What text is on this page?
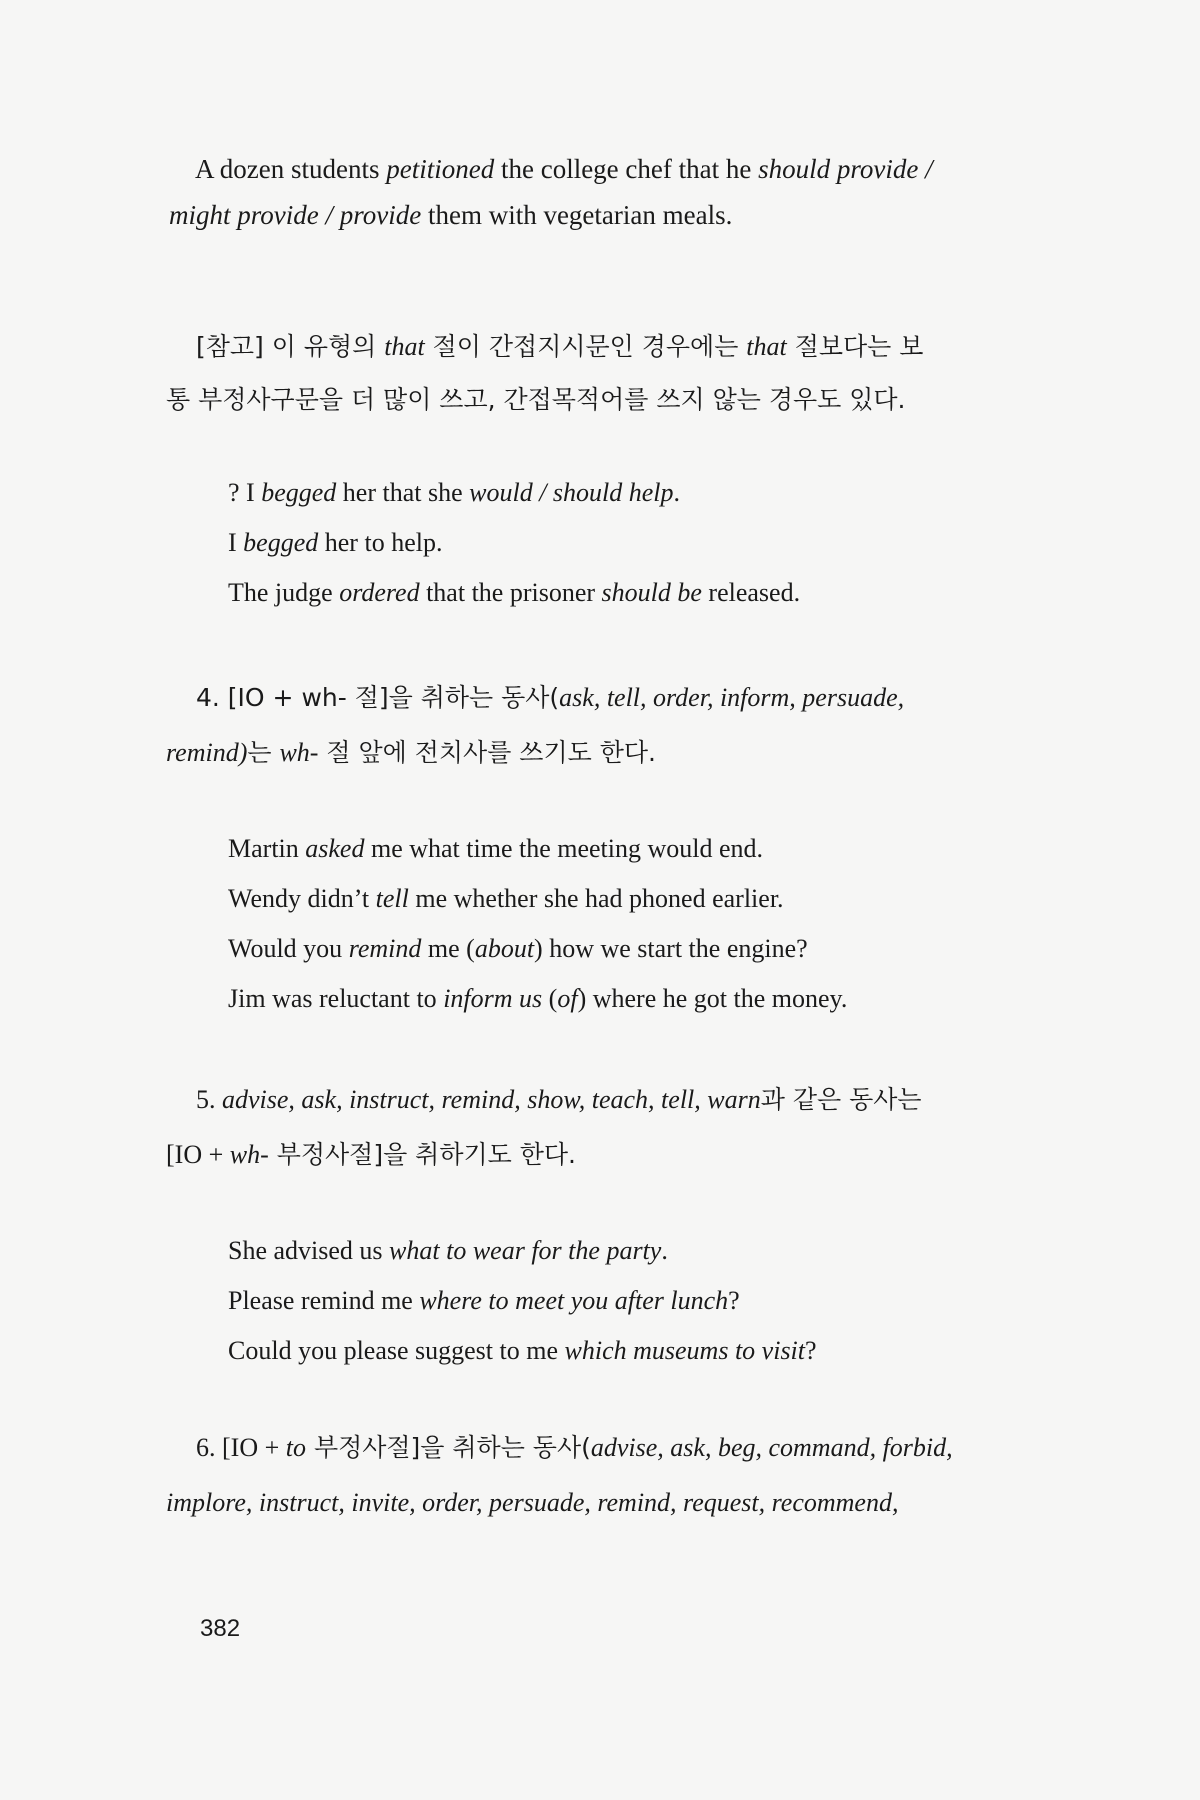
A dozen students petitioned the college chef that he should provide /
might provide / provide them with vegetarian meals.
[참고] 이 유형의 that 절이 간접지시문인 경우에는 that 절보다는 보
통 부정사구문을 더 많이 쓰고, 간접목적어를 쓰지 않는 경우도 있다.
? I begged her that she would / should help.
I begged her to help.
The judge ordered that the prisoner should be released.
4. [IO + wh- 절]을 취하는 동사(ask, tell, order, inform, persuade,
remind)는 wh- 절 앞에 전치사를 쓰기도 한다.
Martin asked me what time the meeting would end.
Wendy didn’t tell me whether she had phoned earlier.
Would you remind me (about) how we start the engine?
Jim was reluctant to inform us (of) where he got the money.
5. advise, ask, instruct, remind, show, teach, tell, warn과 같은 동사는
[IO + wh- 부정사절]을 취하기도 한다.
She advised us what to wear for the party.
Please remind me where to meet you after lunch?
Could you please suggest to me which museums to visit?
6. [IO + to 부정사절]을 취하는 동사(advise, ask, beg, command, forbid,
implore, instruct, invite, order, persuade, remind, request, recommend,
382
